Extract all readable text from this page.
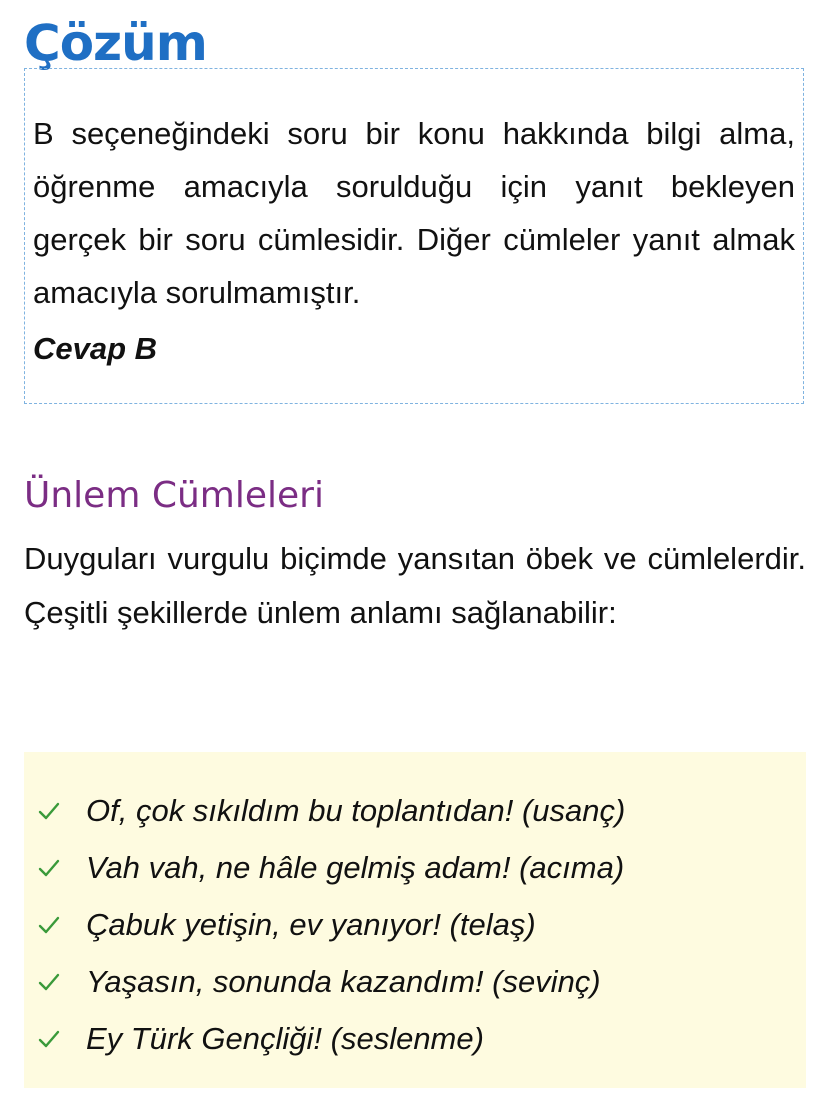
Çözüm

B seçeneğindeki soru bir konu hakkında bilgi alma, öğrenme amacıyla sorulduğu için yanıt bekleyen gerçek bir soru cümlesidir. Diğer cümleler yanıt almak amacıyla sorulmamıştır.

Cevap B
Ünlem Cümleleri

Duyguları vurgulu biçimde yansıtan öbek ve cümlelerdir. Çeşitli şekillerde ünlem anlamı sağlanabilir:

Of, çok sıkıldım bu toplantıdan! (usanç)
Vah vah, ne hâle gelmiş adam! (acıma)
Çabuk yetişin, ev yanıyor! (telaş)
Yaşasın, sonunda kazandım! (sevinç)
Ey Türk Gençliği! (seslenme)
